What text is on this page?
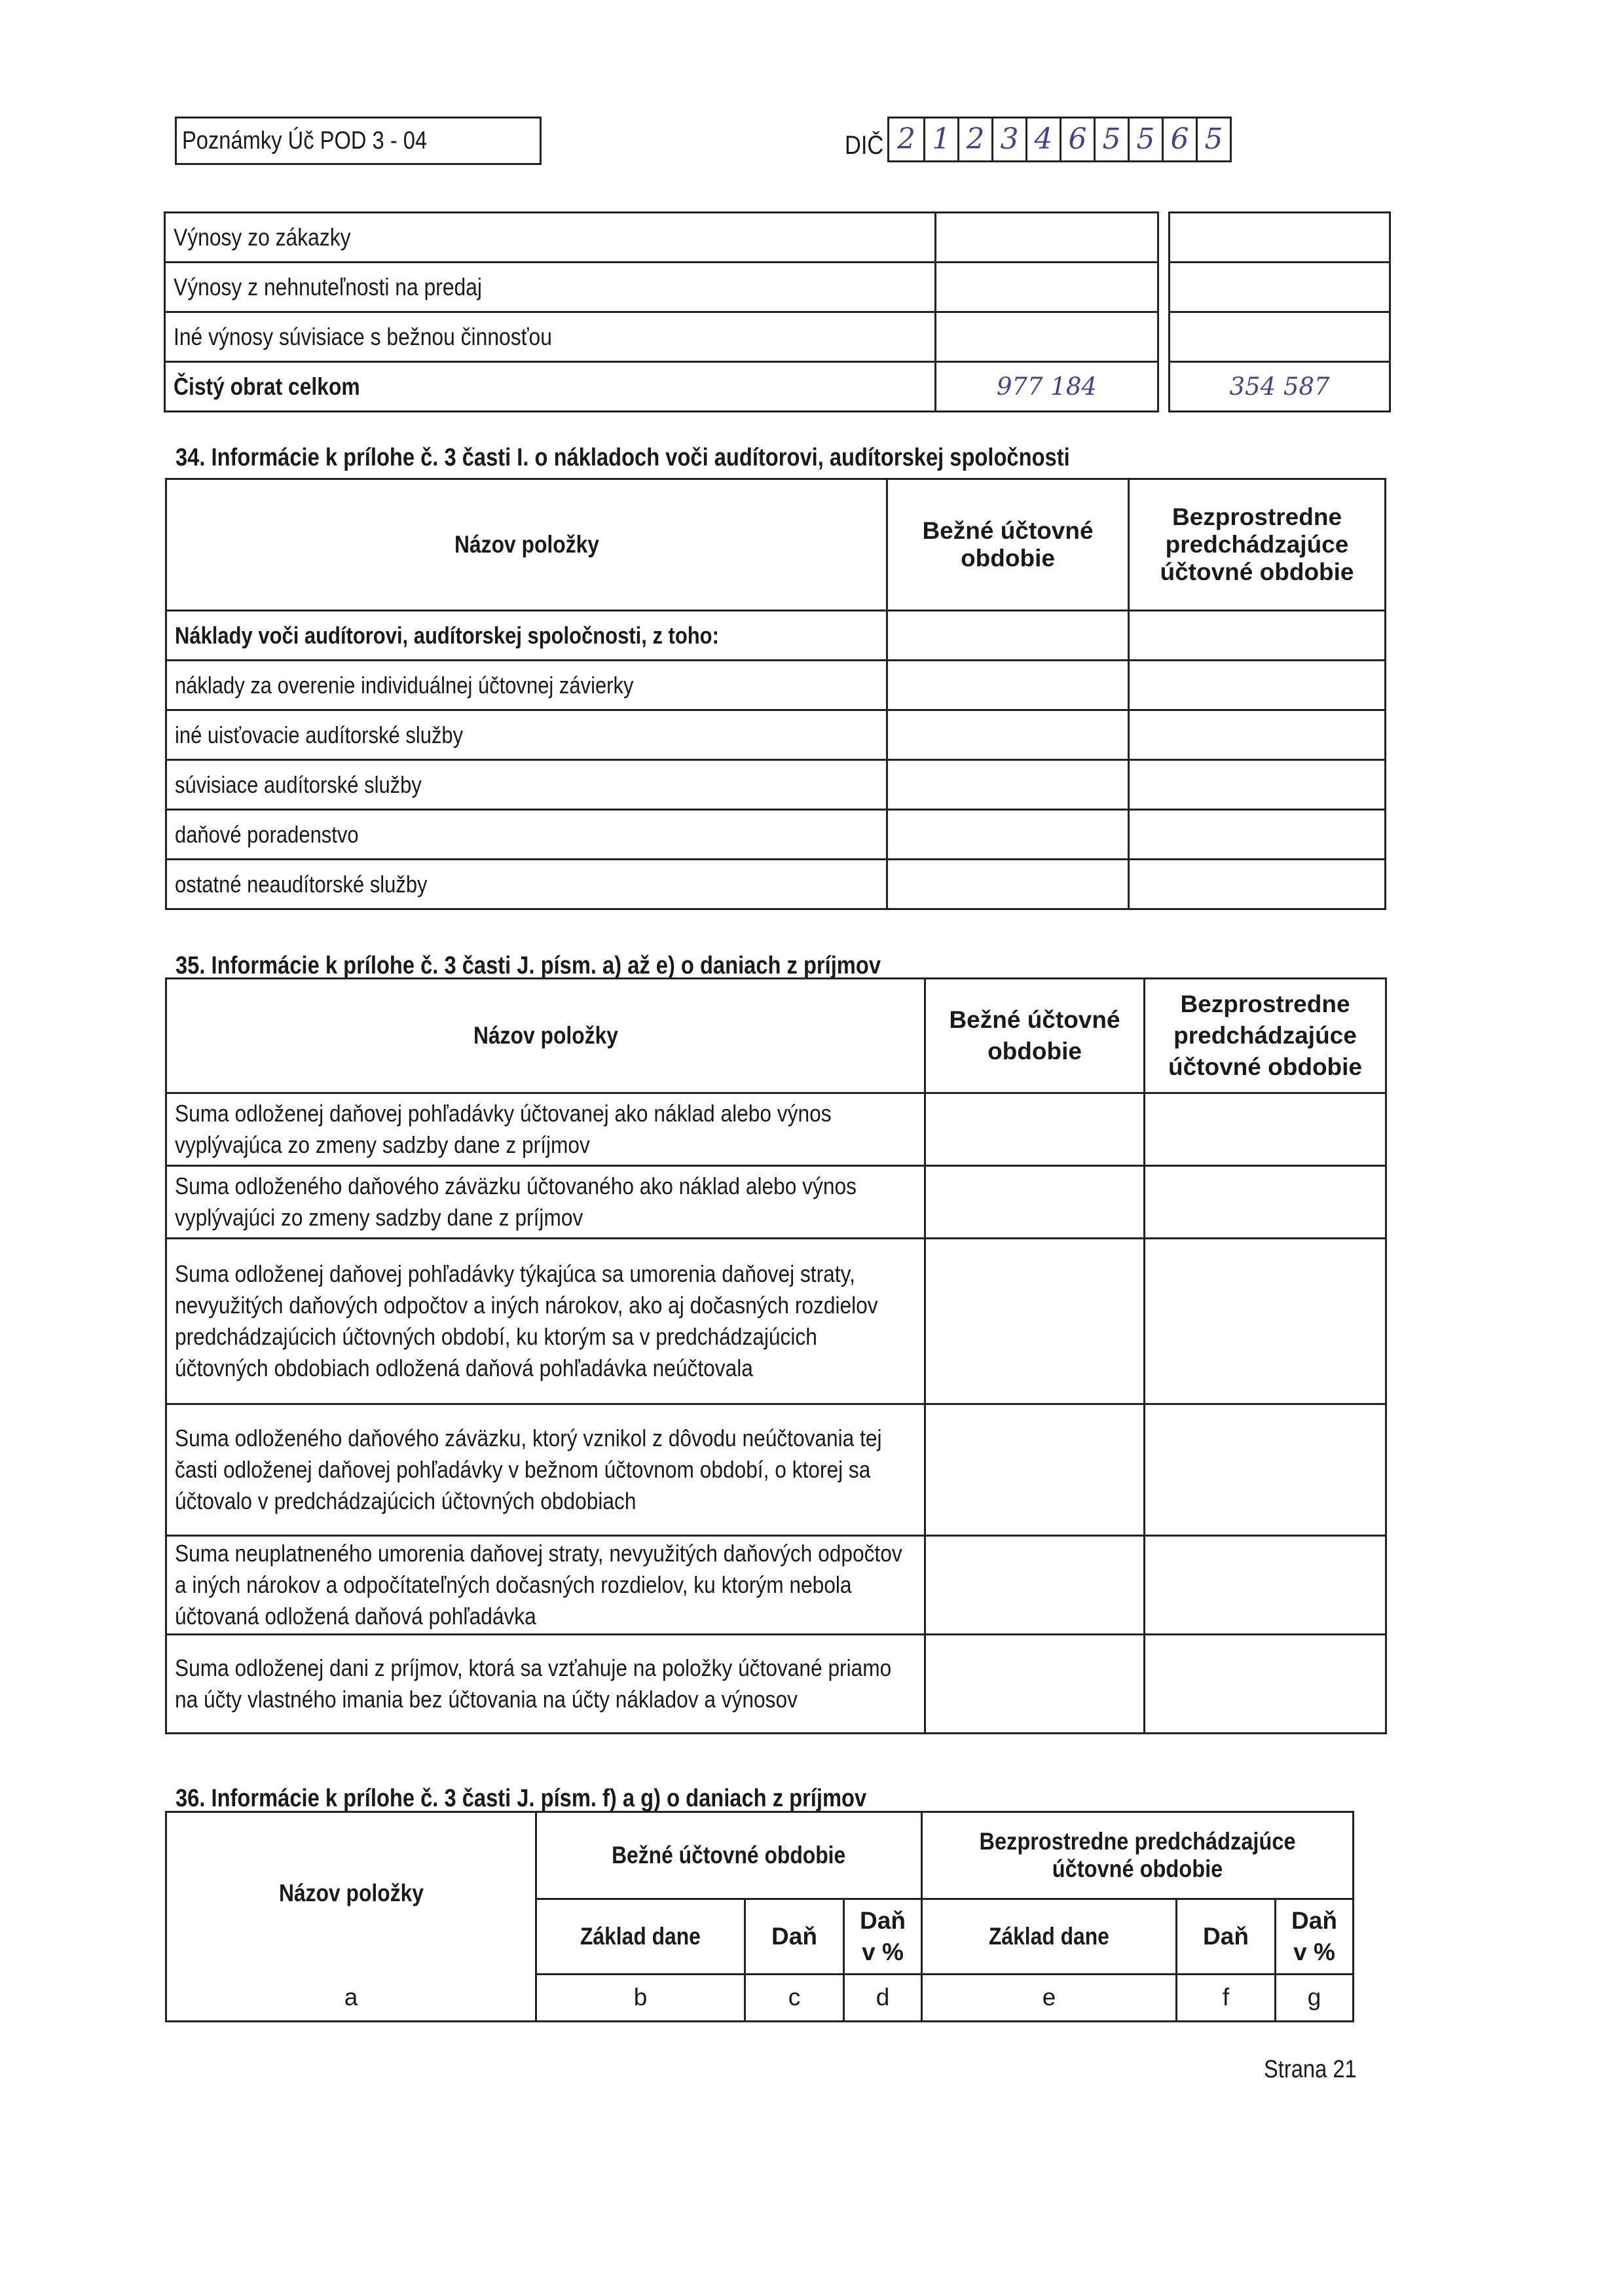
Poznámky Úč POD 3 - 04	DIČ 2 1 2 3 4 6 5 5 6 5
Výnosy zo zákazky			
Výnosy z nehnuteľnosti na predaj			
Iné výnosy súvisiace s bežnou činnosťou			
Čistý obrat celkom	977 184		354 587
34. Informácie k prílohe č. 3 časti I. o nákladoch voči audítorovi, audítorskej spoločnosti
Názov položky	Bežné účtovné obdobie	Bezprostredne predchádzajúce účtovné obdobie
Náklady voči audítorovi, audítorskej spoločnosti, z toho:		
náklady za overenie individuálnej účtovnej závierky		
iné uisťovacie audítorské služby		
súvisiace audítorské služby		
daňové poradenstvo		
ostatné neaudítorské služby		
35. Informácie k prílohe č. 3 časti J. písm. a) až e) o daniach z príjmov
Názov položky	Bežné účtovné obdobie	Bezprostredne predchádzajúce účtovné obdobie

Suma odloženej daňovej pohľadávky účtovanej ako náklad alebo výnos vyplývajúca zo zmeny sadzby dane z príjmov		

Suma odloženého daňového záväzku účtovaného ako náklad alebo výnos vyplývajúci zo zmeny sadzby dane z príjmov		

Suma odloženej daňovej pohľadávky týkajúca sa umorenia daňovej straty, nevyužitých daňových odpočtov a iných nárokov, ako aj dočasných rozdielov predchádzajúcich účtovných období, ku ktorým sa v predchádzajúcich účtovných obdobiach odložená daňová pohľadávka neúčtovala		

Suma odloženého daňového záväzku, ktorý vznikol z dôvodu neúčtovania tej časti odloženej daňovej pohľadávky v bežnom účtovnom období, o ktorej sa účtovalo v predchádzajúcich účtovných obdobiach		

Suma neuplatneného umorenia daňovej straty, nevyužitých daňových odpočtov a iných nárokov a odpočítateľných dočasných rozdielov, ku ktorým nebola účtovaná odložená daňová pohľadávka		

Suma odloženej dani z príjmov, ktorá sa vzťahuje na položky účtované priamo na účty vlastného imania bez účtovania na účty nákladov a výnosov		

36. Informácie k prílohe č. 3 časti J. písm. f) a g) o daniach z príjmov
Názov položky	Bežné účtovné obdobie			Bezprostredne predchádzajúce účtovné obdobie		

	Základ dane	Daň	Daň v %	Základ dane	Daň	Daň v %
a	b	c	d	e	f	g
Strana 21
